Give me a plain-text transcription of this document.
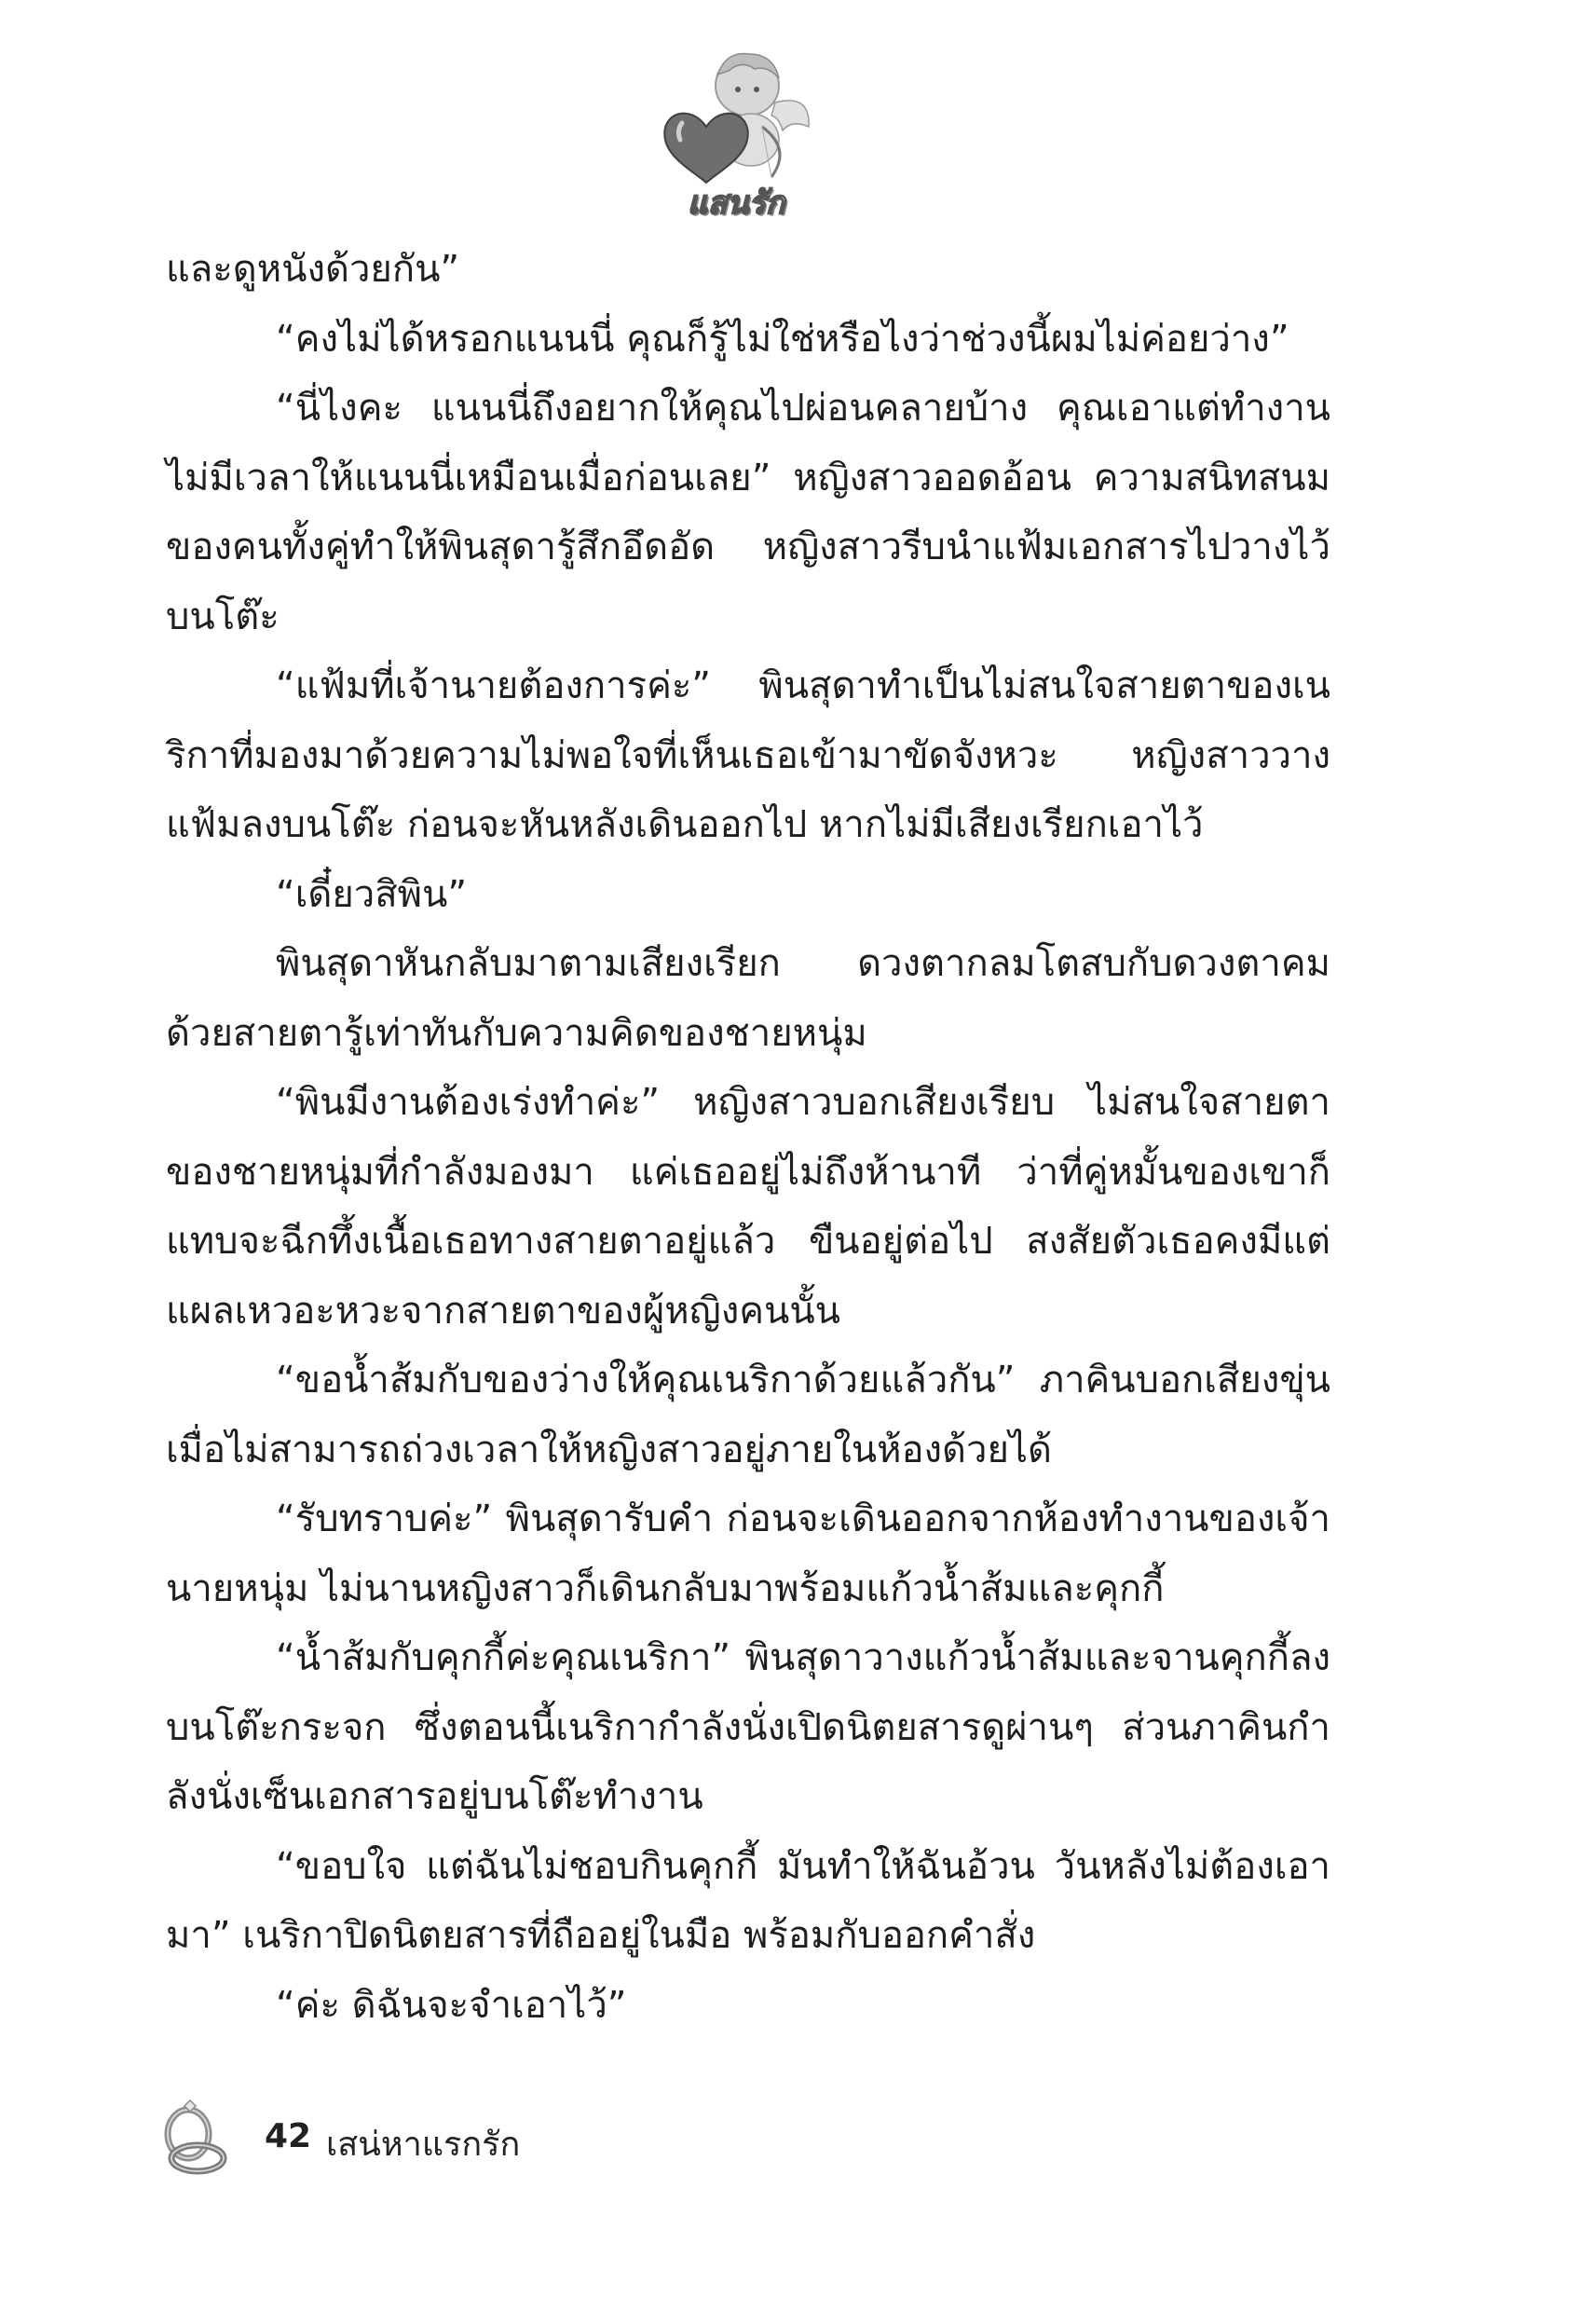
แสนรัก

และดูหนังด้วยกัน”

“คงไม่ได้หรอกแนนนี่ คุณก็รู้ไม่ใช่หรือไงว่าช่วงนี้ผมไม่ค่อยว่าง”

“นี่ไงคะ แนนนี่ถึงอยากให้คุณไปผ่อนคลายบ้าง คุณเอาแต่ทำงานไม่มีเวลาให้แนนนี่เหมือนเมื่อก่อนเลย” หญิงสาวออดอ้อน ความสนิทสนมของคนทั้งคู่ทำให้พินสุดารู้สึกอึดอัด หญิงสาวรีบนำแฟ้มเอกสารไปวางไว้บนโต๊ะ

“แฟ้มที่เจ้านายต้องการค่ะ” พินสุดาทำเป็นไม่สนใจสายตาของเนริกาที่มองมาด้วยความไม่พอใจที่เห็นเธอเข้ามาขัดจังหวะ หญิงสาววางแฟ้มลงบนโต๊ะ ก่อนจะหันหลังเดินออกไป หากไม่มีเสียงเรียกเอาไว้

“เดี๋ยวสิพิน”

พินสุดาหันกลับมาตามเสียงเรียก ดวงตากลมโตสบกับดวงตาคมด้วยสายตารู้เท่าทันกับความคิดของชายหนุ่ม

“พินมีงานต้องเร่งทำค่ะ” หญิงสาวบอกเสียงเรียบ ไม่สนใจสายตาของชายหนุ่มที่กำลังมองมา แค่เธออยู่ไม่ถึงห้านาที ว่าที่คู่หมั้นของเขาก็แทบจะฉีกทึ้งเนื้อเธอทางสายตาอยู่แล้ว ขืนอยู่ต่อไป สงสัยตัวเธอคงมีแต่แผลเหวอะหวะจากสายตาของผู้หญิงคนนั้น

“ขอน้ำส้มกับของว่างให้คุณเนริกาด้วยแล้วกัน” ภาคินบอกเสียงขุ่น เมื่อไม่สามารถถ่วงเวลาให้หญิงสาวอยู่ภายในห้องด้วยได้

“รับทราบค่ะ” พินสุดารับคำ ก่อนจะเดินออกจากห้องทำงานของเจ้านายหนุ่ม ไม่นานหญิงสาวก็เดินกลับมาพร้อมแก้วน้ำส้มและคุกกี้

“น้ำส้มกับคุกกี้ค่ะคุณเนริกา” พินสุดาวางแก้วน้ำส้มและจานคุกกี้ลงบนโต๊ะกระจก ซึ่งตอนนี้เนริกากำลังนั่งเปิดนิตยสารดูผ่านๆ ส่วนภาคินกำลังนั่งเซ็นเอกสารอยู่บนโต๊ะทำงาน

“ขอบใจ แต่ฉันไม่ชอบกินคุกกี้ มันทำให้ฉันอ้วน วันหลังไม่ต้องเอามา” เนริกาปิดนิตยสารที่ถืออยู่ในมือ พร้อมกับออกคำสั่ง

“ค่ะ ดิฉันจะจำเอาไว้”

42 เสน่หาแรกรัก
